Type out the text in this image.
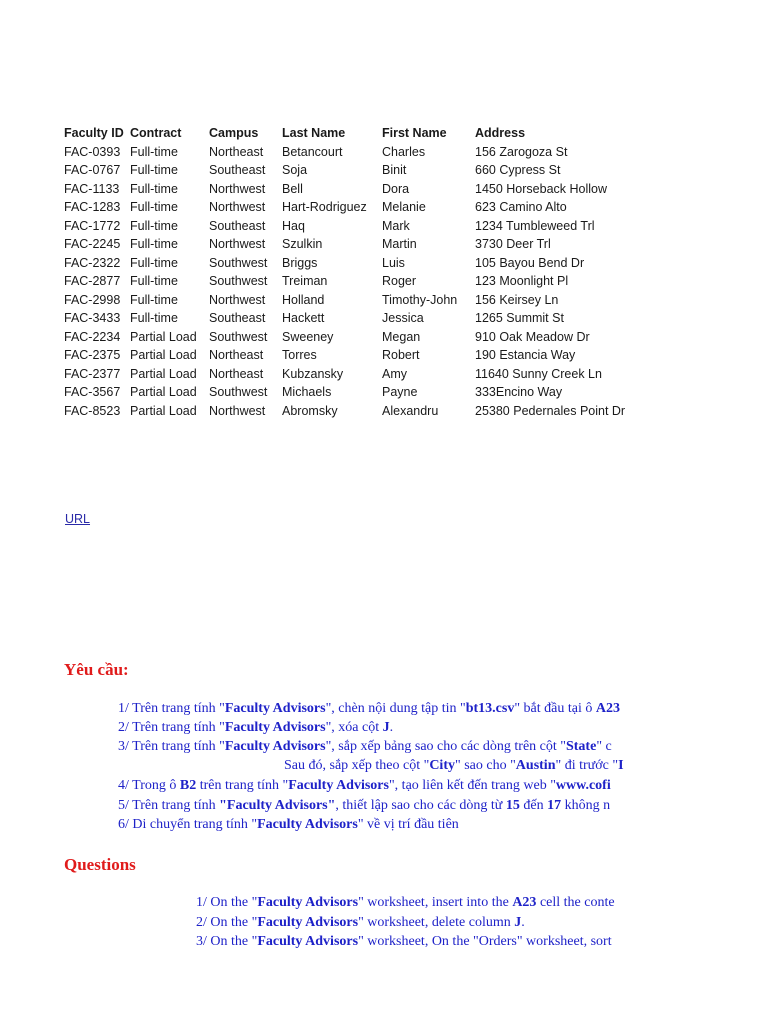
Faculty ID	Contract	Campus	Last Name	First Name	Address
FAC-0393	Full-time	Northeast	Betancourt	Charles	156 Zarogoza St
FAC-0767	Full-time	Southeast	Soja	Binit	660 Cypress St
FAC-1133	Full-time	Northwest	Bell	Dora	1450 Horseback Hollow
FAC-1283	Full-time	Northwest	Hart-Rodriguez	Melanie	623 Camino Alto
FAC-1772	Full-time	Southeast	Haq	Mark	1234 Tumbleweed Trl
FAC-2245	Full-time	Northwest	Szulkin	Martin	3730 Deer Trl
FAC-2322	Full-time	Southwest	Briggs	Luis	105 Bayou Bend Dr
FAC-2877	Full-time	Southwest	Treiman	Roger	123 Moonlight Pl
FAC-2998	Full-time	Northwest	Holland	Timothy-John	156 Keirsey Ln
FAC-3433	Full-time	Southeast	Hackett	Jessica	1265 Summit St
FAC-2234	Partial Load	Southwest	Sweeney	Megan	910 Oak Meadow Dr
FAC-2375	Partial Load	Northeast	Torres	Robert	190 Estancia Way
FAC-2377	Partial Load	Northeast	Kubzansky	Amy	11640 Sunny Creek Ln
FAC-3567	Partial Load	Southwest	Michaels	Payne	333Encino Way
FAC-8523	Partial Load	Northwest	Abromsky	Alexandru	25380 Pedernales Point Dr
URL
Yêu cầu:
1/ Trên trang tính "Faculty Advisors", chèn nội dung tập tin "bt13.csv" bắt đầu tại ô A23
2/ Trên trang tính "Faculty Advisors", xóa cột J.
3/ Trên trang tính "Faculty Advisors", sắp xếp bảng sao cho các dòng trên cột "State" c
Sau đó, sắp xếp theo cột "City" sao cho "Austin" đi trước "I
4/ Trong ô B2 trên trang tính "Faculty Advisors", tạo liên kết đến trang web "www.cofi
5/ Trên trang tính "Faculty Advisors", thiết lập sao cho các dòng từ 15 đến 17 không n
6/ Di chuyển trang tính "Faculty Advisors" về vị trí đầu tiên
Questions
1/ On the "Faculty Advisors" worksheet, insert into the A23 cell the conte
2/ On the "Faculty Advisors" worksheet, delete column J.
3/ On the "Faculty Advisors" worksheet, On the "Orders" worksheet, sort
